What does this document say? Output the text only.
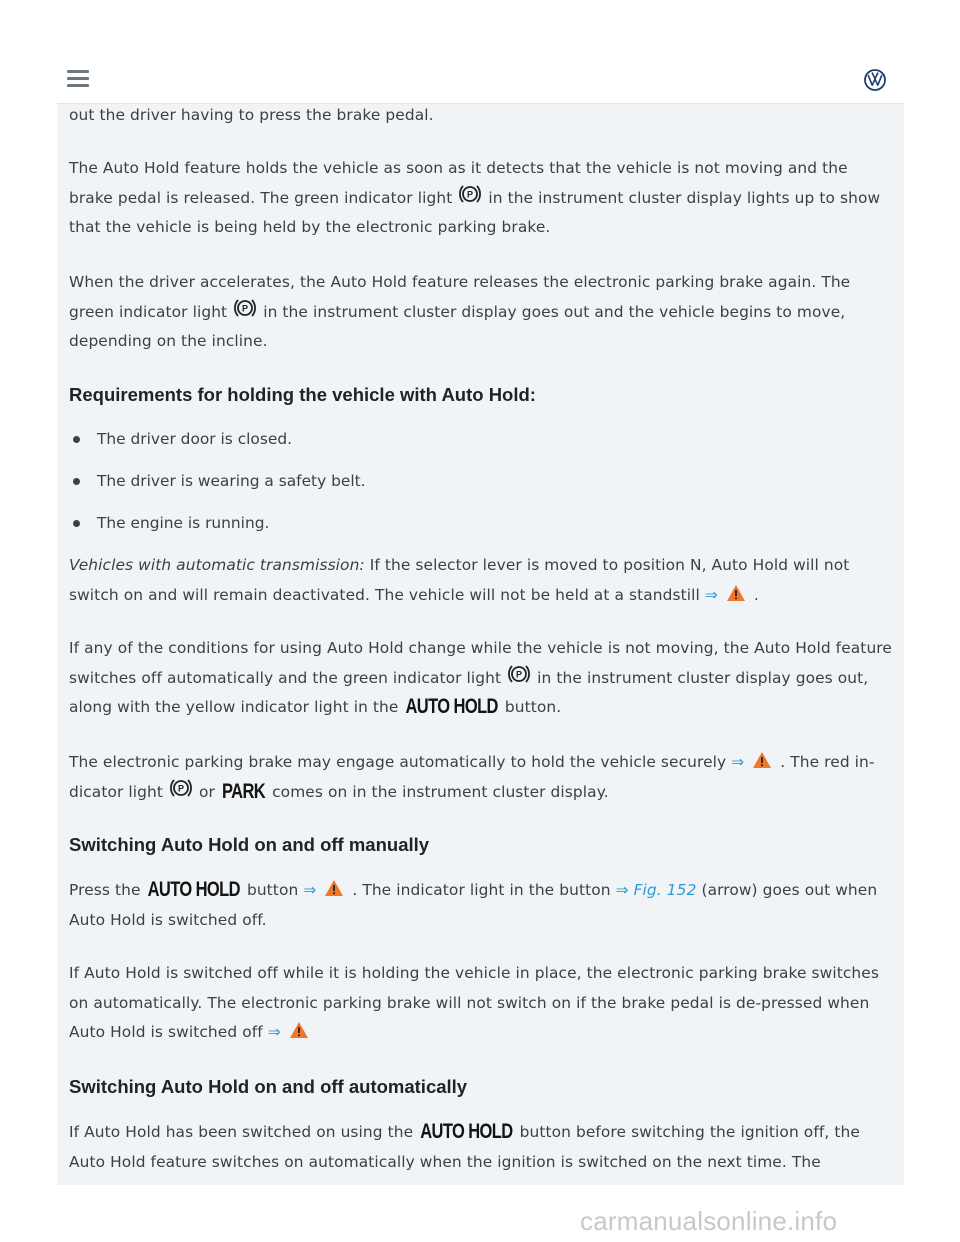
out the driver having to press the brake pedal.

The Auto Hold feature holds the vehicle as soon as it detects that the vehicle is not moving and the brake pedal is released. The green indicator light P in the instrument cluster display lights up to show that the vehicle is being held by the electronic parking brake.

When the driver accelerates, the Auto Hold feature releases the electronic parking brake again. The green indicator light P in the instrument cluster display goes out and the vehicle begins to move, depending on the incline.

Requirements for holding the vehicle with Auto Hold:
The driver door is closed.
The driver is wearing a safety belt.
The engine is running.

Vehicles with automatic transmission: If the selector lever is moved to position N, Auto Hold will not switch on and will remain deactivated. The vehicle will not be held at a standstill ⇒ .

If any of the conditions for using Auto Hold change while the vehicle is not moving, the Auto Hold feature switches off automatically and the green indicator light P in the instrument cluster display goes out, along with the yellow indicator light in the AUTO HOLD button.

The electronic parking brake may engage automatically to hold the vehicle securely ⇒ . The red in-dicator light P or PARK comes on in the instrument cluster display.

Switching Auto Hold on and off manually

Press the AUTO HOLD button ⇒ . The indicator light in the button ⇒ Fig. 152 (arrow) goes out when Auto Hold is switched off.

If Auto Hold is switched off while it is holding the vehicle in place, the electronic parking brake switches on automatically. The electronic parking brake will not switch on if the brake pedal is de-pressed when Auto Hold is switched off ⇒

Switching Auto Hold on and off automatically

If Auto Hold has been switched on using the AUTO HOLD button before switching the ignition off, the Auto Hold feature switches on automatically when the ignition is switched on the next time. The

carmanualsonline.info
